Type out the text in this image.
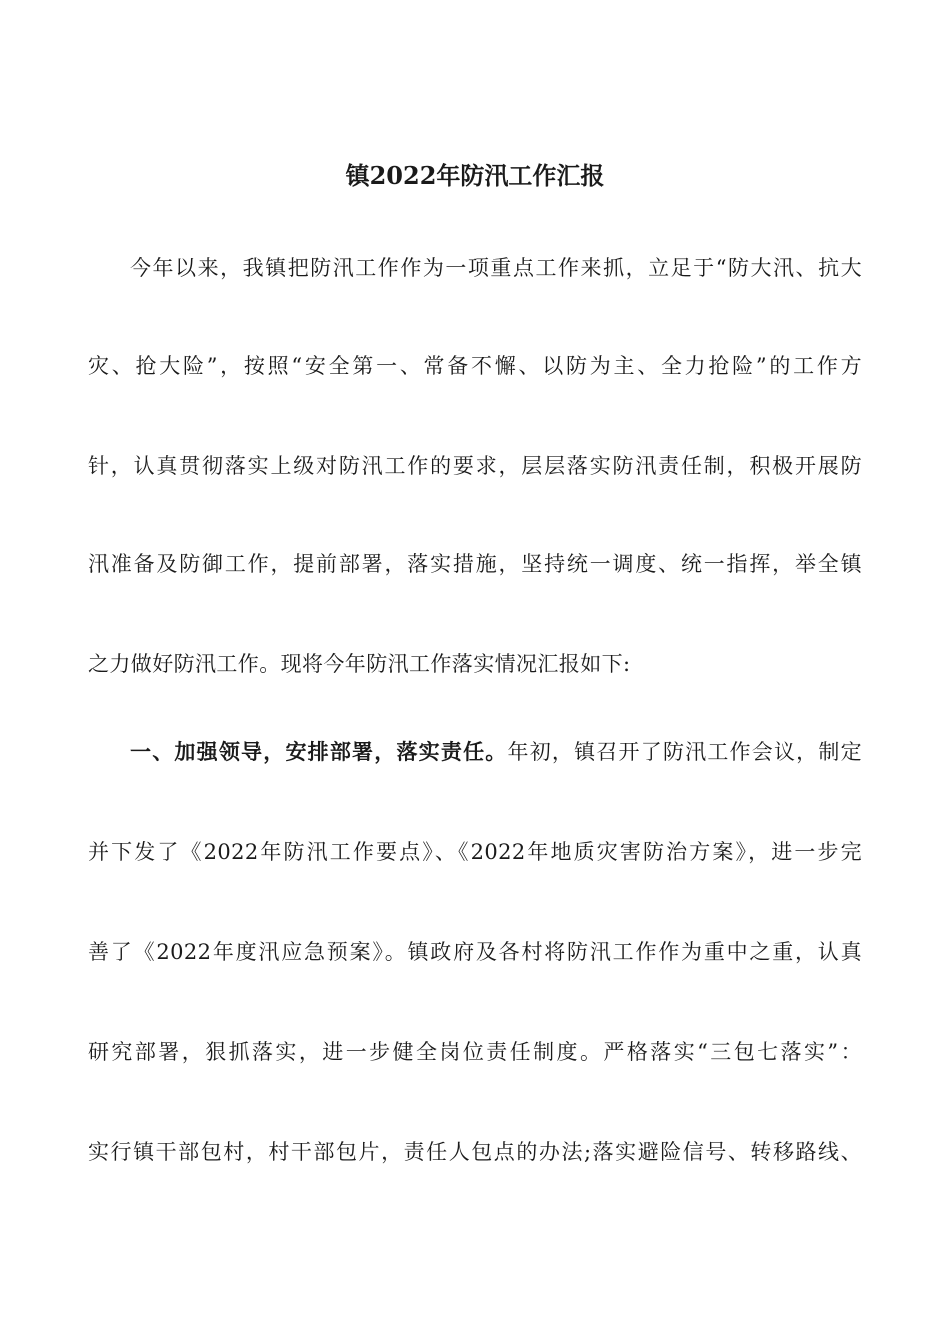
镇2022年防汛工作汇报
今年以来，我镇把防汛工作作为一项重点工作来抓，立足于“防大汛、抗大
灾、抢大险”，按照“安全第一、常备不懈、以防为主、全力抢险”的工作方
针，认真贯彻落实上级对防汛工作的要求，层层落实防汛责任制，积极开展防
汛准备及防御工作，提前部署，落实措施，坚持统一调度、统一指挥，举全镇
之力做好防汛工作。现将今年防汛工作落实情况汇报如下:
一、加强领导，安排部署，落实责任。年初，镇召开了防汛工作会议，制定
并下发了《2022年防汛工作要点》、《2022年地质灾害防治方案》，进一步完
善了《2022年度汛应急预案》。镇政府及各村将防汛工作作为重中之重，认真
研究部署，狠抓落实，进一步健全岗位责任制度。严格落实“三包七落实”：
实行镇干部包村，村干部包片，责任人包点的办法;落实避险信号、转移路线、
